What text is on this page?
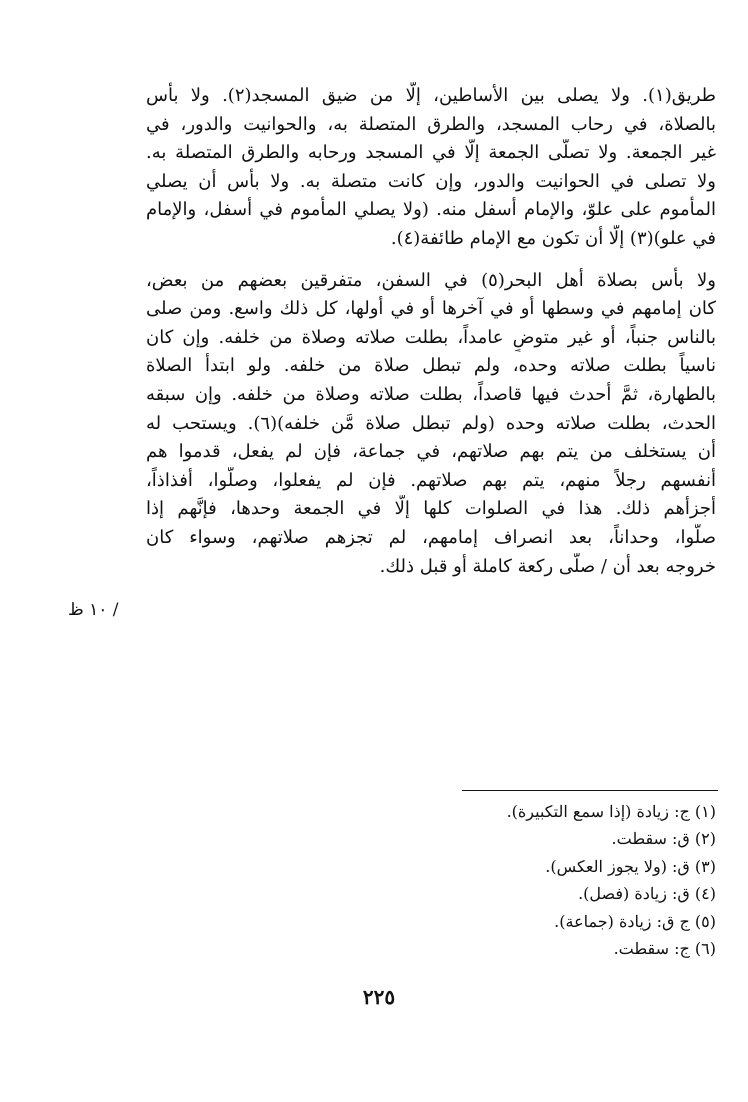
طريق(١). ولا يصلى بين الأساطين، إلَّا من ضيق المسجد(٢). ولا بأس
بالصلاة، في رحاب المسجد، والطرق المتصلة به، والحوانيت والدور، في
غير الجمعة. ولا تصلَّى الجمعة إلَّا في المسجد ورحابه والطرق المتصلة به.
ولا تصلى في الحوانيت والدور، وإن كانت متصلة به. ولا بأس أن يصلي
المأموم على علوّ، والإمام أسفل منه. (ولا يصلي المأموم في أسفل، والإمام
في علو)(٣) إلَّا أن تكون مع الإمام طائفة(٤).
ولا بأس بصلاة أهل البحر(٥) في السفن، متفرقين بعضهم من بعض،
كان إمامهم في وسطها أو في آخرها أو في أولها، كل ذلك واسع. ومن صلى
بالناس جنباً، أو غير متوضٍ عامداً، بطلت صلاته وصلاة من خلفه. وإن كان
ناسياً بطلت صلاته وحده، ولم تبطل صلاة من خلفه. ولو ابتدأ الصلاة
بالطهارة، ثمَّ أحدث فيها قاصداً، بطلت صلاته وصلاة من خلفه. وإن سبقه
الحدث، بطلت صلاته وحده (ولم تبطل صلاة مَّن خلفه)(٦). ويستحب له
أن يستخلف من يتم بهم صلاتهم، في جماعة، فإن لم يفعل، قدموا هم
أنفسهم رجلاً منهم، يتم بهم صلاتهم. فإن لم يفعلوا، وصلَّوا، أفذاذاً،
أجزأهم ذلك. هذا في الصلوات كلها إلَّا في الجمعة وحدها، فإنَّهم إذا
صلُّوا، وحداناً، بعد انصراف إمامهم، لم تجزهم صلاتهم، وسواء كان
خروجه بعد أن / صلَّى ركعة كاملة أو قبل ذلك.
/ ١٠ ظ
(١) ج: زيادة (إذا سمع التكبيرة).
(٢) ق: سقطت.
(٣) ق: (ولا يجوز العكس).
(٤) ق: زيادة (فصل).
(٥) ج ق: زيادة (جماعة).
(٦) ج: سقطت.
٢٢٥
